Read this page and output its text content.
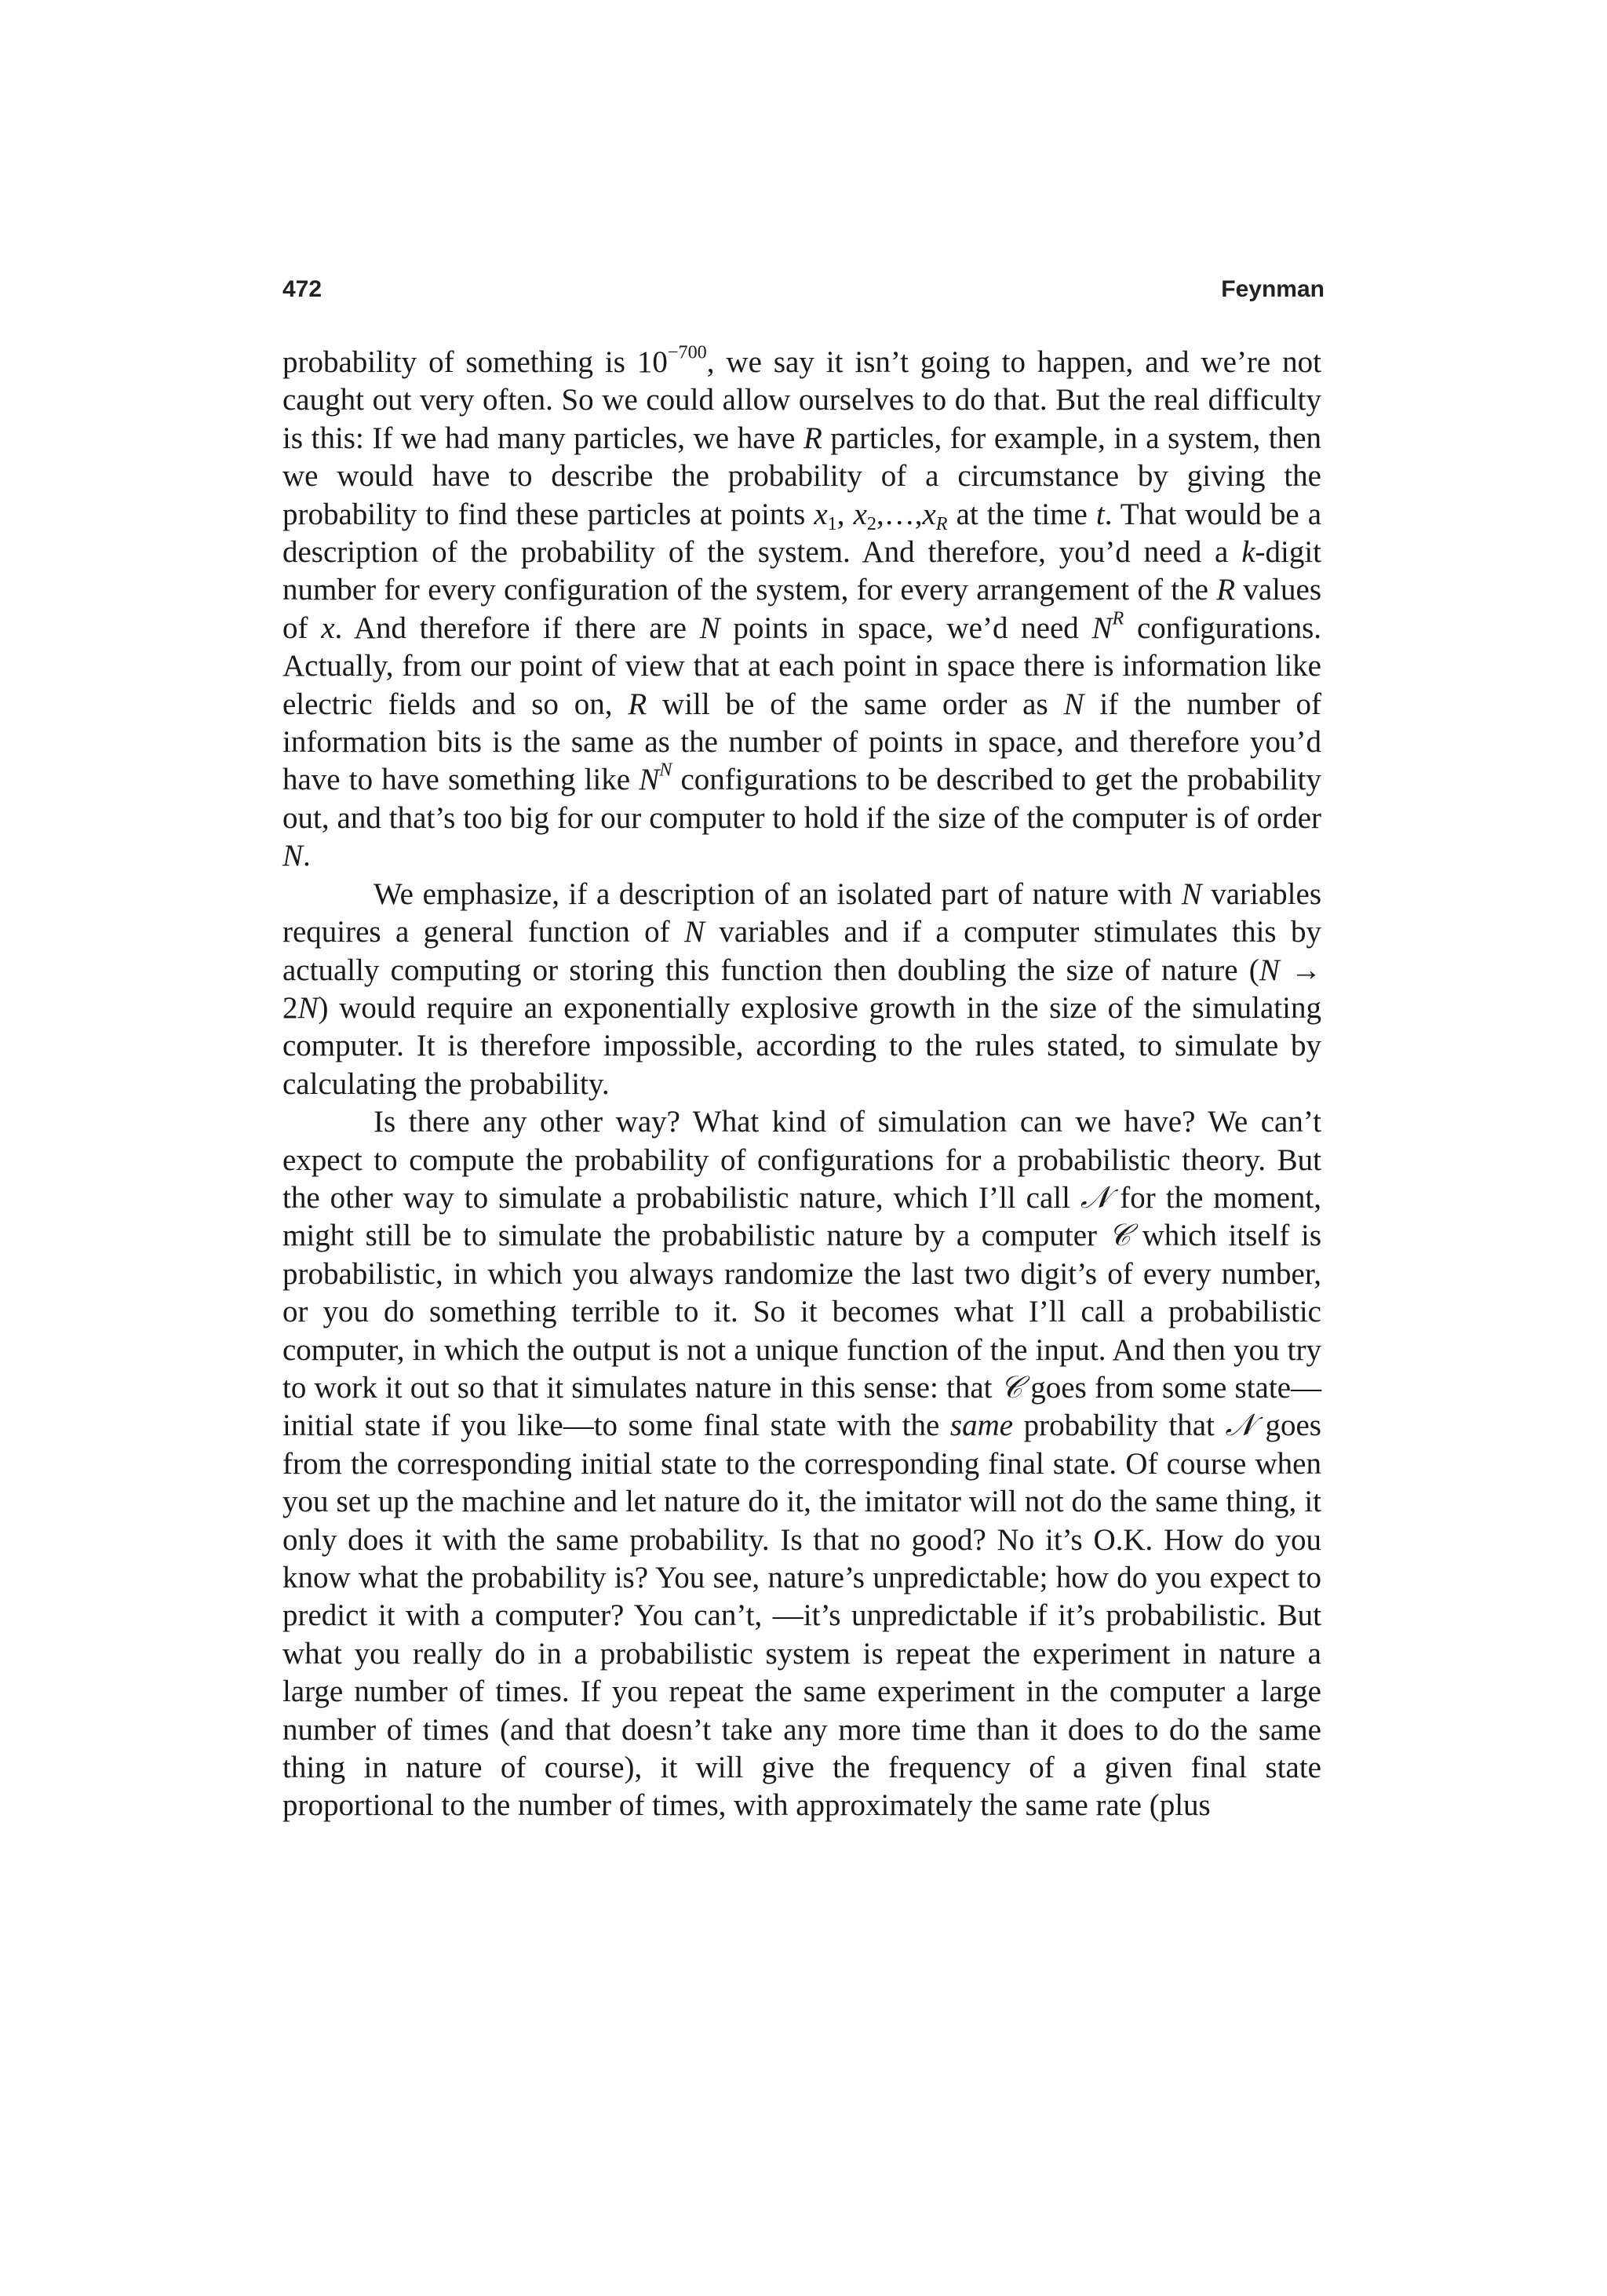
472	Feynman

probability of something is $10^{-700}$, we say it isn’t going to happen, and we’re not caught out very often. So we could allow ourselves to do that. But the real difficulty is this: If we had many particles, we have R particles, for example, in a system, then we would have to describe the probability of a circumstance by giving the probability to find these particles at points $x_1$, $x_2,\dots,x_R$ at the time t. That would be a description of the probability of the system. And therefore, you’d need a k-digit number for every configuration of the system, for every arrangement of the R values of x. And therefore if there are N points in space, we’d need $N^R$ configurations. Actually, from our point of view that at each point in space there is information like electric fields and so on, R will be of the same order as N if the number of information bits is the same as the number of points in space, and therefore you’d have to have something like $N^N$ configurations to be described to get the probability out, and that’s too big for our computer to hold if the size of the computer is of order N.

We emphasize, if a description of an isolated part of nature with N variables requires a general function of N variables and if a computer stimulates this by actually computing or storing this function then doubling the size of nature (N → 2N) would require an exponentially explosive growth in the size of the simulating computer. It is therefore impossible, according to the rules stated, to simulate by calculating the probability.

Is there any other way? What kind of simulation can we have? We can’t expect to compute the probability of configurations for a probabilistic theory. But the other way to simulate a probabilistic nature, which I’ll call 𝒩 for the moment, might still be to simulate the probabilistic nature by a computer 𝒞 which itself is probabilistic, in which you always randomize the last two digit’s of every number, or you do something terrible to it. So it becomes what I’ll call a probabilistic computer, in which the output is not a unique function of the input. And then you try to work it out so that it simulates nature in this sense: that 𝒞 goes from some state—initial state if you like—to some final state with the same probability that 𝒩 goes from the corresponding initial state to the corresponding final state. Of course when you set up the machine and let nature do it, the imitator will not do the same thing, it only does it with the same probability. Is that no good? No it’s O.K. How do you know what the probability is? You see, nature’s unpredictable; how do you expect to predict it with a computer? You can’t, —it’s unpredictable if it’s probabilistic. But what you really do in a probabilistic system is repeat the experiment in nature a large number of times. If you repeat the same experiment in the computer a large number of times (and that doesn’t take any more time than it does to do the same thing in nature of course), it will give the frequency of a given final state proportional to the number of times, with approximately the same rate (plus
